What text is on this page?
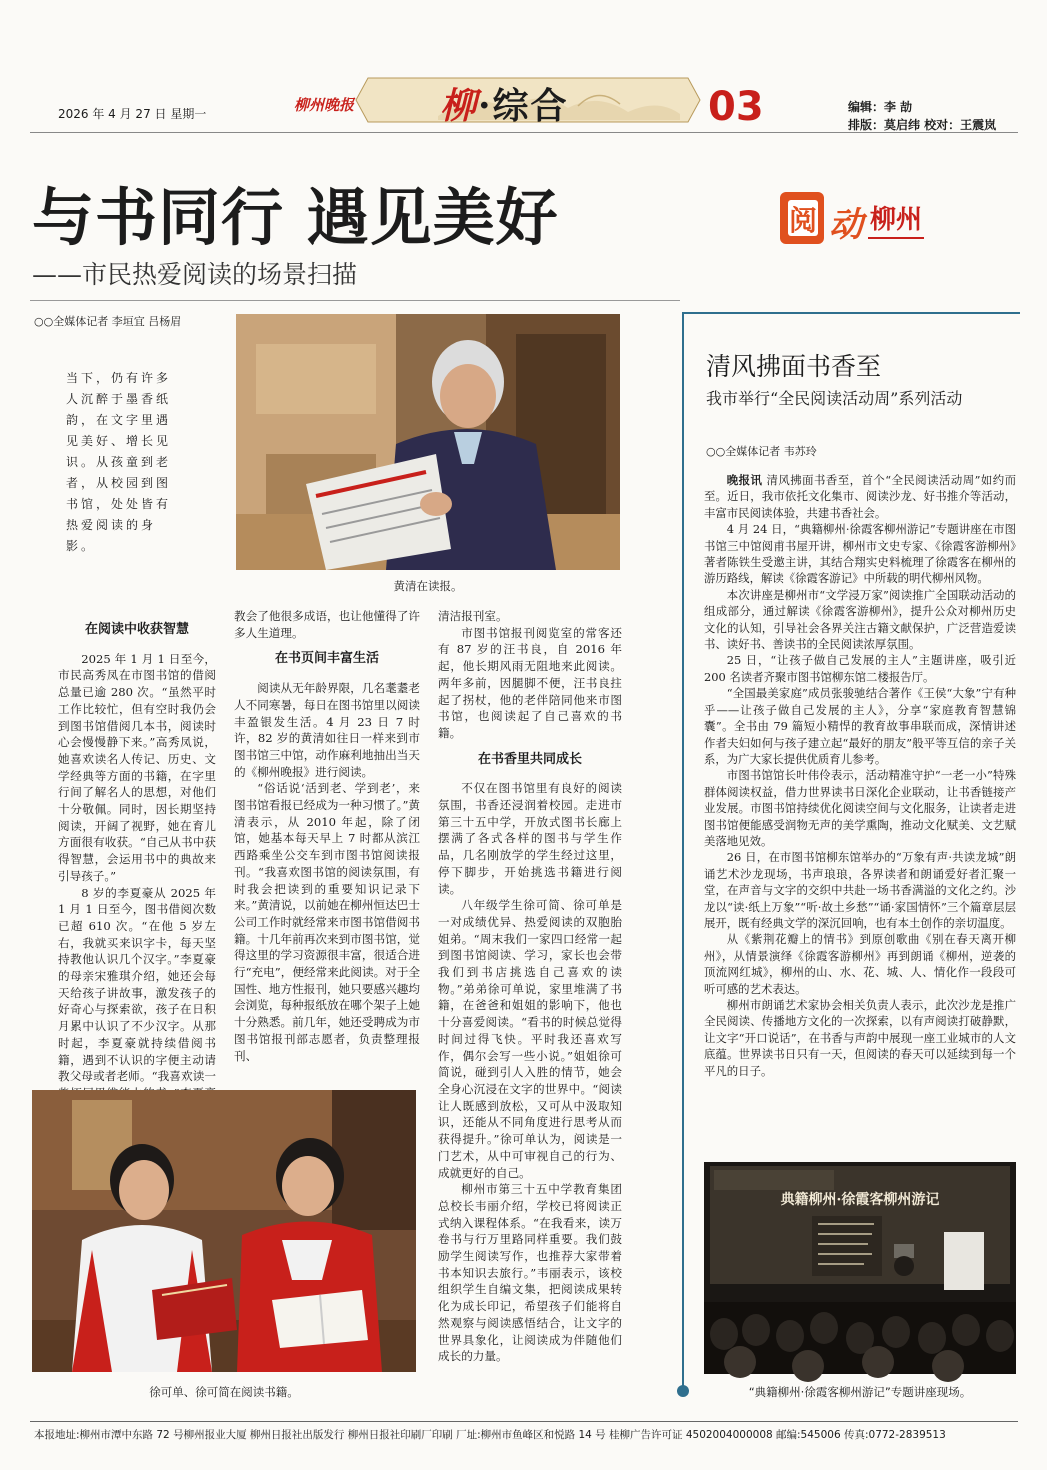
2026 年 4 月 27 日 星期一	柳州晚报	柳·综合	03	编辑：李 劼
排版：莫启纬 校对：王震岚
与书同行 遇见美好
——市民热爱阅读的场景扫描
阅 动 柳州
○○全媒体记者 李垣宜 吕杨眉
当下，仍有许多人沉醉于墨香纸韵，在文字里遇见美好、增长见识。从孩童到老者，从校园到图书馆，处处皆有热爱阅读的身影。
黄清在读报。
在阅读中收获智慧

2025 年 1 月 1 日至今，市民高秀凤在市图书馆的借阅总量已逾 280 次。“虽然平时工作比较忙，但有空时我仍会到图书馆借阅几本书，阅读时心会慢慢静下来。”高秀凤说，她喜欢读名人传记、历史、文学经典等方面的书籍，在字里行间了解名人的思想，对他们十分敬佩。同时，因长期坚持阅读，开阔了视野，她在育儿方面很有收获。“自己从书中获得智慧，会运用书中的典故来引导孩子。”

8 岁的李夏豪从 2025 年 1 月 1 日至今，图书借阅次数已超 610 次。“在他 5 岁左右，我就买来识字卡，每天坚持教他认识几个汉字。”李夏豪的母亲宋雅琪介绍，她还会每天给孩子讲故事，激发孩子的好奇心与探索欲，孩子在日积月累中认识了不少汉字。从那时起，李夏豪就持续借阅书籍，遇到不认识的字便主动请教父母或者老师。“我喜欢读一

教会了他很多成语，也让他懂得了许多人生道理。

在书页间丰富生活

阅读从无年龄界限，几名耄耋老人不同寒暑，每日在图书馆里以阅读丰盈银发生活。4 月 23 日 7 时许，82 岁的黄清如往日一样来到市图书馆三中馆，动作麻利地抽出当天的《柳州晚报》进行阅读。

“俗话说‘活到老、学到老’，来图书馆看报已经成为一种习惯了。”黄清表示，从 2010 年起，除了闭馆，她基本每天早上 7 时都从滨江西路乘坐公交车到市图书馆阅读报刊。“我喜欢图书馆的阅读氛围，有时我会把读到的重要知识记录下来。”黄清说，以前她在柳州恒达巴士公司工作时就经常来市图书馆借阅书籍。十几年前再次来到市图书馆，觉得这里的学习资源很丰富，很适合进行“充电”，便经常来此阅读。对于全国性、地方性报刊，她只要感兴趣均会浏览，每种报纸放在哪个架子上她十分熟悉。前几年，她还受聘成为市图书馆报刊部志愿者，负责整理报刊、

清洁报刊室。

市图书馆报刊阅览室的常客还有 87 岁的汪书良，自 2016 年起，他长期风雨无阻地来此阅读。两年多前，因腿脚不便，汪书良拄起了拐杖，他的老伴陪同他来市图书馆，也阅读起了自己喜欢的书籍。

在书香里共同成长

不仅在图书馆里有良好的阅读氛围，书香还浸润着校园。走进市第三十五中学，开放式图书长廊上摆满了各式各样的图书与学生作品，几名刚放学的学生经过这里，停下脚步，开始挑选书籍进行阅读。

八年级学生徐可简、徐可单是一对成绩优异、热爱阅读的双胞胎姐弟。“周末我们一家四口经常一起到图书馆阅读、学习，家长也会带我们到书店挑选自己喜欢的读物。”弟弟徐可单说，家里堆满了书籍，在爸爸和姐姐的影响下，他也十分喜爱阅读。“看书的时候总觉得时间过得飞快。平时我还喜欢写作，偶尔会写一些小说。”姐姐徐可简说，碰到引人入胜的情节，她会全身心沉浸在文字的世界中。“阅读让人既感到放松，又可从中汲取知识，还能从不同角度进行思考从而获得提升。”徐可单认为，阅读是一门艺术，从中可审视自己的行为、成就更好的自己。

柳州市第三十五中学教育集团总校长韦丽介绍，学校已将阅读正式纳入课程体系。“在我看来，读万卷书与行万里路同样重要。我们鼓励学生阅读写作，也推荐大家带着书本知识去旅行。”韦丽表示，该校组织学生自编文集，把阅读成果转化为成长印记，希望孩子们能将自然观察与阅读感悟结合，让文字的世界具象化，让阅读成为伴随他们成长的力量。

徐可单、徐可简在阅读书籍。
清风拂面书香至
我市举行“全民阅读活动周”系列活动
○○全媒体记者 韦苏玲

晚报讯 清风拂面书香至，首个“全民阅读活动周”如约而至。近日，我市依托文化集市、阅读沙龙、好书推介等活动，丰富市民阅读体验，共建书香社会。

4 月 24 日，“典籍柳州·徐霞客柳州游记”专题讲座在市图书馆三中馆阅甫书屋开讲，柳州市文史专家、《徐霞客游柳州》著者陈铁生受邀主讲，其结合翔实史料梳理了徐霞客在柳州的游历路线，解读《徐霞客游记》中所载的明代柳州风物。

本次讲座是柳州市“文学浸万家”阅读推广全国联动活动的组成部分，通过解读《徐霞客游柳州》，提升公众对柳州历史文化的认知，引导社会各界关注古籍文献保护，广泛营造爱读书、读好书、善读书的全民阅读浓厚氛围。

25 日，“让孩子做自己发展的主人”主题讲座，吸引近 200 名读者齐聚市图书馆柳东馆二楼报告厅。

“全国最美家庭”成员张骏驰结合著作《王侯“大象”宁有种乎——让孩子做自己发展的主人》，分享“家庭教育智慧锦囊”。全书由 79 篇短小精悍的教育故事串联而成，深情讲述作者夫妇如何与孩子建立起“最好的朋友”般平等互信的亲子关系，为广大家长提供优质育儿参考。

市图书馆馆长叶伟伶表示，活动精准守护“一老一小”特殊群体阅读权益，借力世界读书日深化企业联动，让书香链接产业发展。市图书馆持续优化阅读空间与文化服务，让读者走进图书馆便能感受润物无声的美学熏陶，推动文化赋美、文艺赋美落地见效。

26 日，在市图书馆柳东馆举办的“万象有声·共读龙城”朗诵艺术沙龙现场，书声琅琅，各界读者和朗诵爱好者汇聚一堂，在声音与文字的交织中共赴一场书香满溢的文化之约。沙龙以“读·纸上万象”“听·故土乡愁”“诵·家国情怀”三个篇章层层展开，既有经典文学的深沉回响，也有本土创作的亲切温度。

从《紫荆花瓣上的情书》到原创歌曲《别在春天离开柳州》，从情景演绎《徐霞客游柳州》再到朗诵《柳州，逆袭的顶流网红城》，柳州的山、水、花、城、人、情化作一段段可听可感的艺术表达。

柳州市朗诵艺术家协会相关负责人表示，此次沙龙是推广全民阅读、传播地方文化的一次探索，以有声阅读打破静默，让文字“开口说话”，在书香与声韵中展现一座工业城市的人文底蕴。世界读书日只有一天，但阅读的春天可以延续到每一个平凡的日子。

典籍柳州·徐霞客柳州游记
“典籍柳州·徐霞客柳州游记”专题讲座现场。
本报地址:柳州市潭中东路 72 号柳州报业大厦 柳州日报社出版发行 柳州日报社印刷厂印刷 厂址:柳州市鱼峰区和悦路 14 号 桂柳广告许可证 4502004000008 邮编:545006 传真:0772-2839513
